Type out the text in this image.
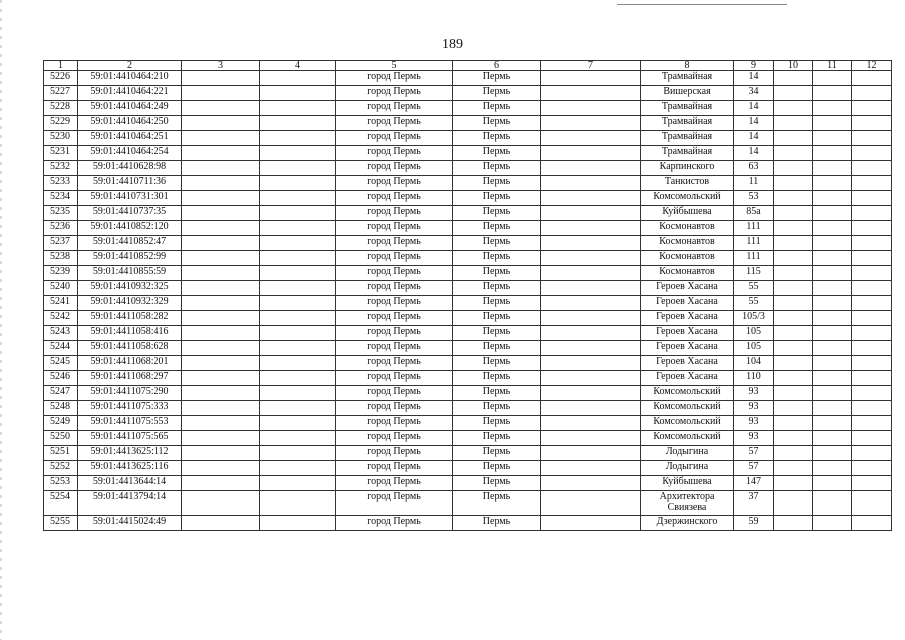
189
1	2	3	4	5	6	7	8	9	10	11	12
5226	59:01:4410464:210			город Пермь	Пермь		Трамвайная	14			
5227	59:01:4410464:221			город Пермь	Пермь		Вишерская	34			
5228	59:01:4410464:249			город Пермь	Пермь		Трамвайная	14			
5229	59:01:4410464:250			город Пермь	Пермь		Трамвайная	14			
5230	59:01:4410464:251			город Пермь	Пермь		Трамвайная	14			
5231	59:01:4410464:254			город Пермь	Пермь		Трамвайная	14			
5232	59:01:4410628:98			город Пермь	Пермь		Карпинского	63			
5233	59:01:4410711:36			город Пермь	Пермь		Танкистов	11			
5234	59:01:4410731:301			город Пермь	Пермь		Комсомольский	53			
5235	59:01:4410737:35			город Пермь	Пермь		Куйбышева	85а			
5236	59:01:4410852:120			город Пермь	Пермь		Космонавтов	111			
5237	59:01:4410852:47			город Пермь	Пермь		Космонавтов	111			
5238	59:01:4410852:99			город Пермь	Пермь		Космонавтов	111			
5239	59:01:4410855:59			город Пермь	Пермь		Космонавтов	115			
5240	59:01:4410932:325			город Пермь	Пермь		Героев Хасана	55			
5241	59:01:4410932:329			город Пермь	Пермь		Героев Хасана	55			
5242	59:01:4411058:282			город Пермь	Пермь		Героев Хасана	105/3			
5243	59:01:4411058:416			город Пермь	Пермь		Героев Хасана	105			
5244	59:01:4411058:628			город Пермь	Пермь		Героев Хасана	105			
5245	59:01:4411068:201			город Пермь	Пермь		Героев Хасана	104			
5246	59:01:4411068:297			город Пермь	Пермь		Героев Хасана	110			
5247	59:01:4411075:290			город Пермь	Пермь		Комсомольский	93			
5248	59:01:4411075:333			город Пермь	Пермь		Комсомольский	93			
5249	59:01:4411075:553			город Пермь	Пермь		Комсомольский	93			
5250	59:01:4411075:565			город Пермь	Пермь		Комсомольский	93			
5251	59:01:4413625:112			город Пермь	Пермь		Лодыгина	57			
5252	59:01:4413625:116			город Пермь	Пермь		Лодыгина	57			
5253	59:01:4413644:14			город Пермь	Пермь		Куйбышева	147			
5254	59:01:4413794:14			город Пермь	Пермь		Архитектора Свиязева	37			
5255	59:01:4415024:49			город Пермь	Пермь		Дзержинского	59			
